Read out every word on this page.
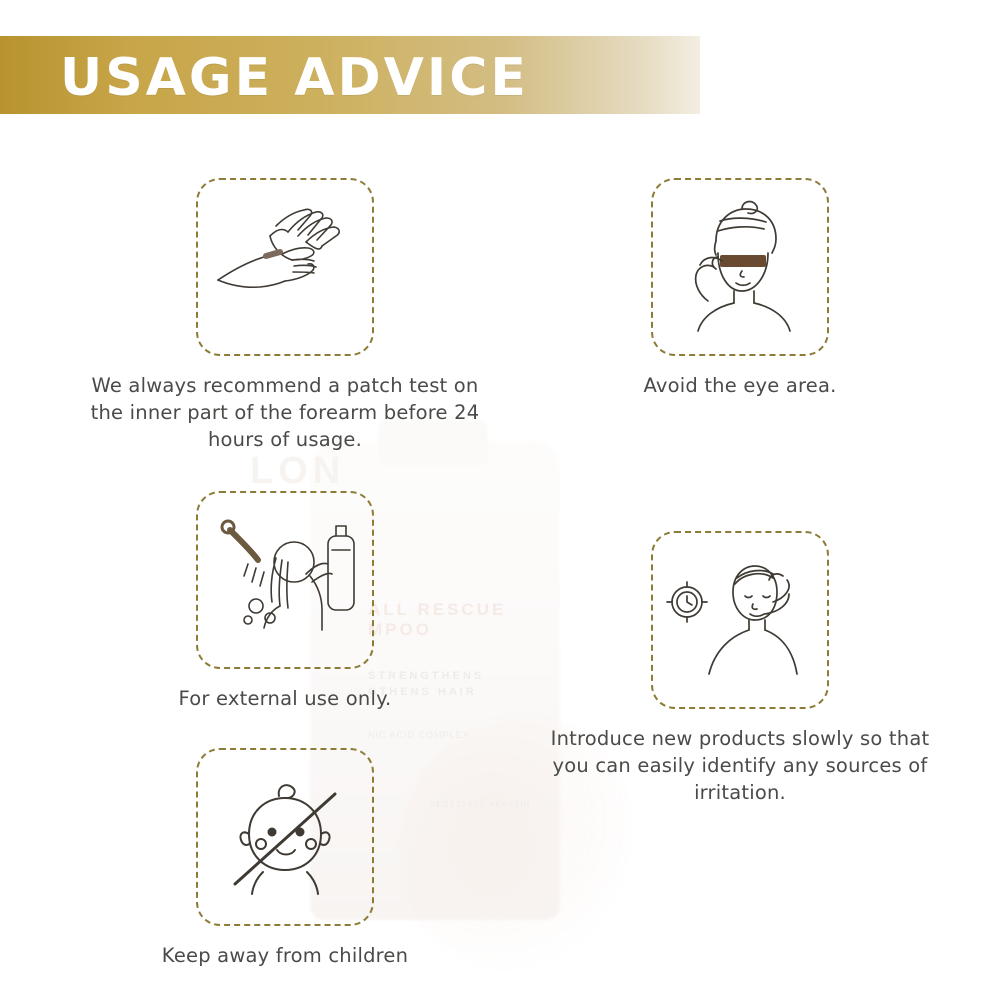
LON
ALL RESCUE
MPOO
STRENGTHENS
GTHENS HAIR
NIC ACID COMPLEX
VEGETABLE KERATIN
USAGE ADVICE
We always recommend a patch test on the inner part of the forearm before 24 hours of usage.
For external use only.
Keep away from children
Avoid the eye area.
Introduce new products slowly so that you can easily identify any sources of irritation.
